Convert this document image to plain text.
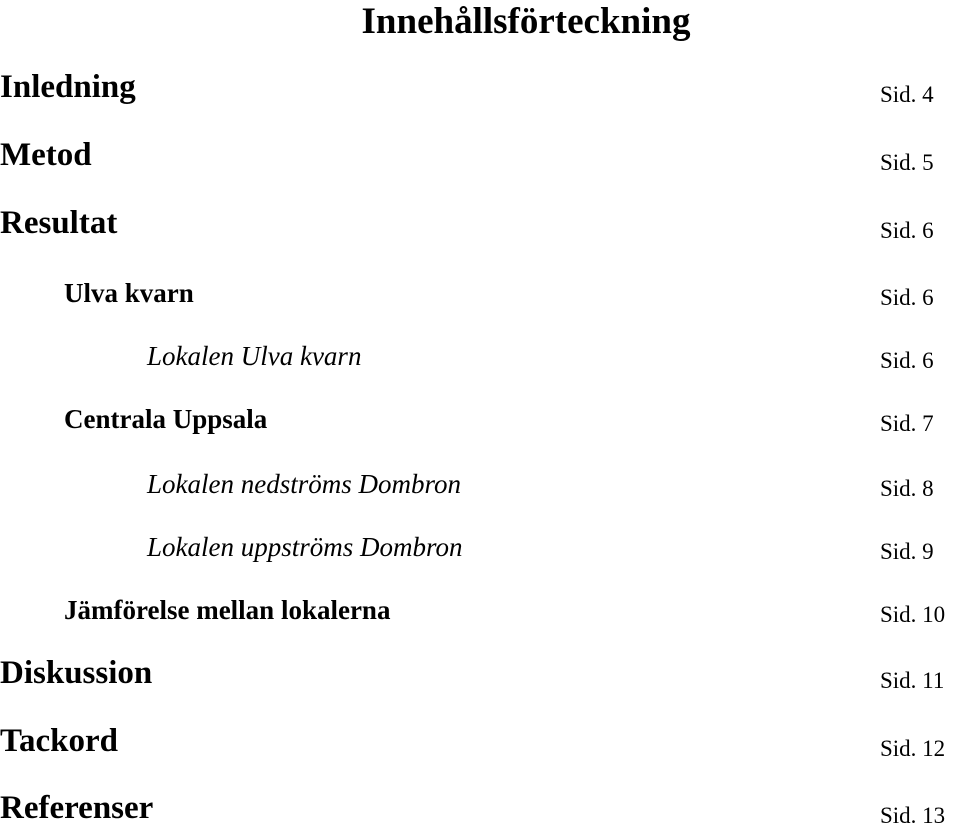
Innehållsförteckning
Inledning	Sid. 4
Metod	Sid. 5
Resultat	Sid. 6
Ulva kvarn	Sid. 6
Lokalen Ulva kvarn	Sid. 6
Centrala Uppsala	Sid. 7
Lokalen nedströms Dombron	Sid. 8
Lokalen uppströms Dombron	Sid. 9
Jämförelse mellan lokalerna	Sid. 10
Diskussion	Sid. 11
Tackord	Sid. 12
Referenser	Sid. 13
